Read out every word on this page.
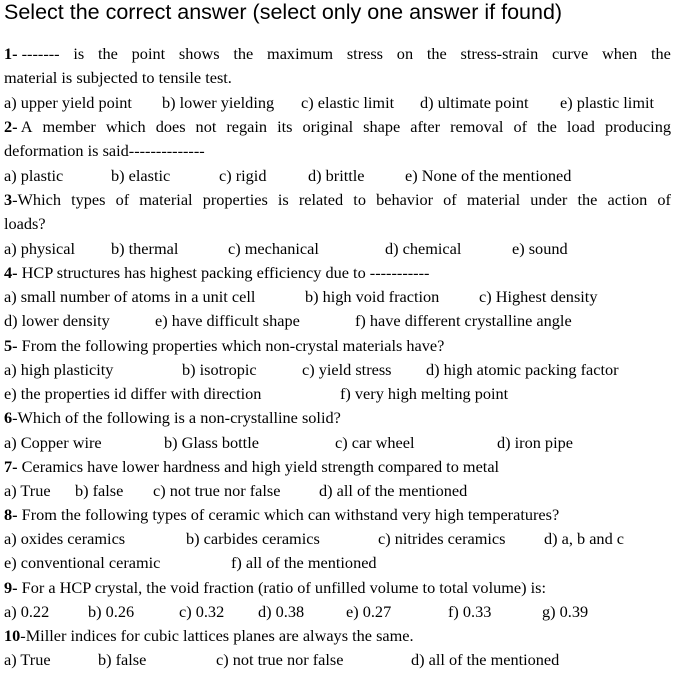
Select the correct answer (select only one answer if found)
1- ------- is the point shows the maximum stress on the stress-strain curve when the
material is subjected to tensile test.
a) upper yield point b) lower yielding c) elastic limit d) ultimate point e) plastic limit
2- A member which does not regain its original shape after removal of the load producing
deformation is said--------------
a) plastic	b) elastic	c) rigid	d) brittle e) None of the mentioned
3-Which types of material properties is related to behavior of material under the action of
loads?
a) physical b) thermal	c) mechanical	d) chemical	e) sound
4- HCP structures has highest packing efficiency due to -----------
a) small number of atoms in a unit cell	b) high void fraction c) Highest density
d) lower density	e) have difficult shape	f) have different crystalline angle
5- From the following properties which non-crystal materials have?
a) high plasticity	b) isotropic	c) yield stress d) high atomic packing factor
e) the properties id differ with direction	f) very high melting point
6-Which of the following is a non-crystalline solid?
a) Copper wire	b) Glass bottle	c) car wheel	d) iron pipe
7- Ceramics have lower hardness and high yield strength compared to metal
a) True b) false c) not true nor false d) all of the mentioned
8- From the following types of ceramic which can withstand very high temperatures?
a) oxides ceramics	b) carbides ceramics	c) nitrides ceramics d) a, b and c
e) conventional ceramic	f) all of the mentioned
9- For a HCP crystal, the void fraction (ratio of unfilled volume to total volume) is:
a) 0.22 b) 0.26	c) 0.32 d) 0.38	e) 0.27	f) 0.33	g) 0.39
10-Miller indices for cubic lattices planes are always the same.
a) True	b) false	c) not true nor false	d) all of the mentioned
